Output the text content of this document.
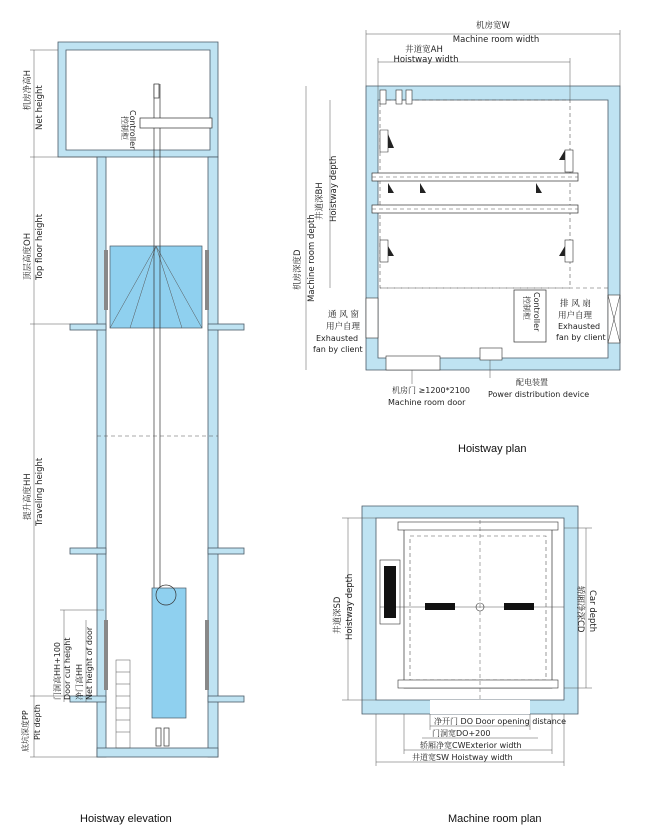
控制柜 Controller
机房净高H Net height
顶层高度OH Top floor height
提升高度HH Traveling height
门洞高HH+100 Door cut height 净门高HH Net height of door
底坑深度PP Pit depth
控制柜 Controller
机房宽W
Machine room width
井道宽AH
Hoistway width
井道深BH Hoistway depth
机房深度D Machine room depth
通 风 窗
用户自理
Exhausted
fan by client
排 风 扇
用户自理
Exhausted
fan by client
机房门 ≥1200*2100
Machine room door
配电装置
Power distribution device
井道深SD Hoistway depth	轿厢净深CD Car depth
净开门 DO Door opening distance
门洞宽DO+200
轿厢净宽CWExterior width
井道宽SW Hoistway width
Hoistway elevation
Hoistway plan
Machine room plan
